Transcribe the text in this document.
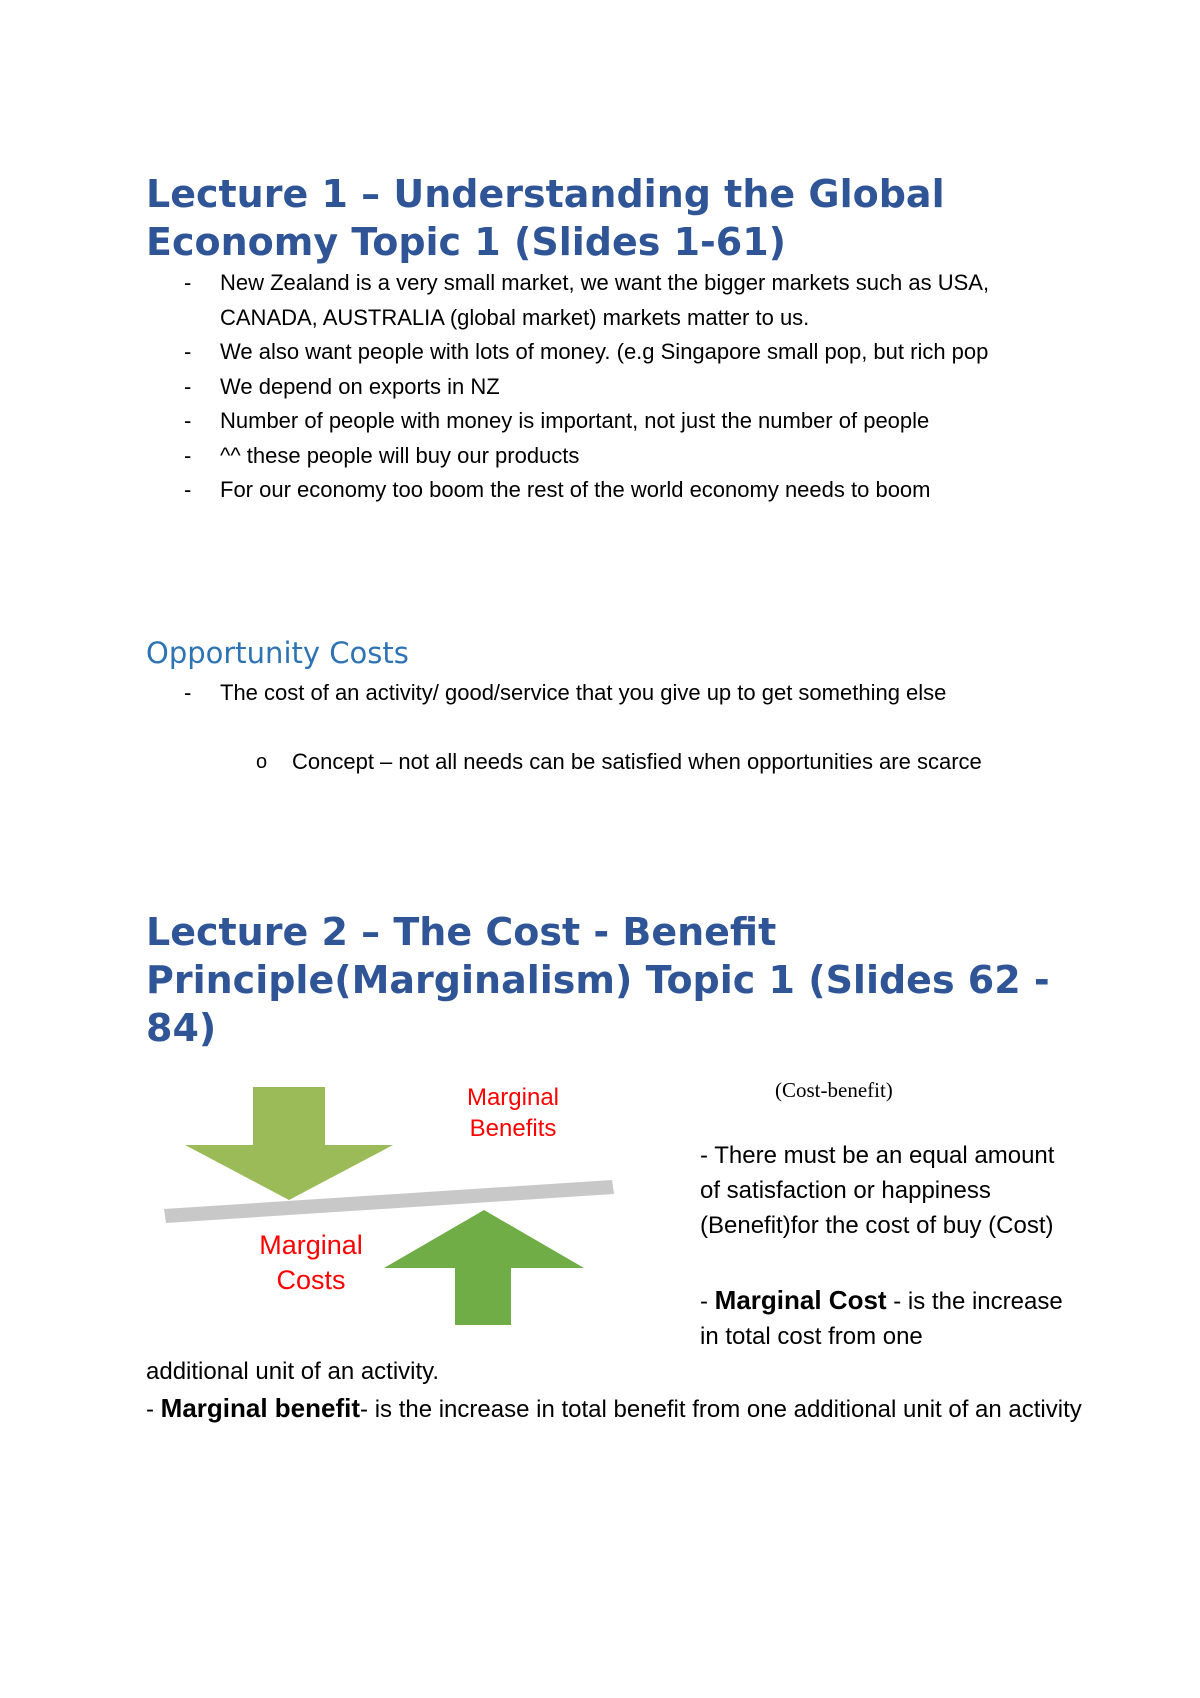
Lecture 1 – Understanding the Global Economy Topic 1 (Slides 1-61)
- New Zealand is a very small market, we want the bigger markets such as USA, CANADA, AUSTRALIA (global market) markets matter to us.
- We also want people with lots of money. (e.g Singapore small pop, but rich pop
- We depend on exports in NZ
- Number of people with money is important, not just the number of people
- ^^ these people will buy our products
- For our economy too boom the rest of the world economy needs to boom
Opportunity Costs
- The cost of an activity/ good/service that you give up to get something else
o Concept – not all needs can be satisfied when opportunities are scarce
Lecture 2 – The Cost - Benefit Principle(Marginalism) Topic 1 (Slides 62 - 84)
Marginal
Benefits
Marginal
Costs
(Cost-benefit)
- There must be an equal amount of satisfaction or happiness (Benefit)for the cost of buy (Cost)
- Marginal Cost - is the increase in total cost from one
additional unit of an activity.
- Marginal benefit- is the increase in total benefit from one additional unit of an activity
